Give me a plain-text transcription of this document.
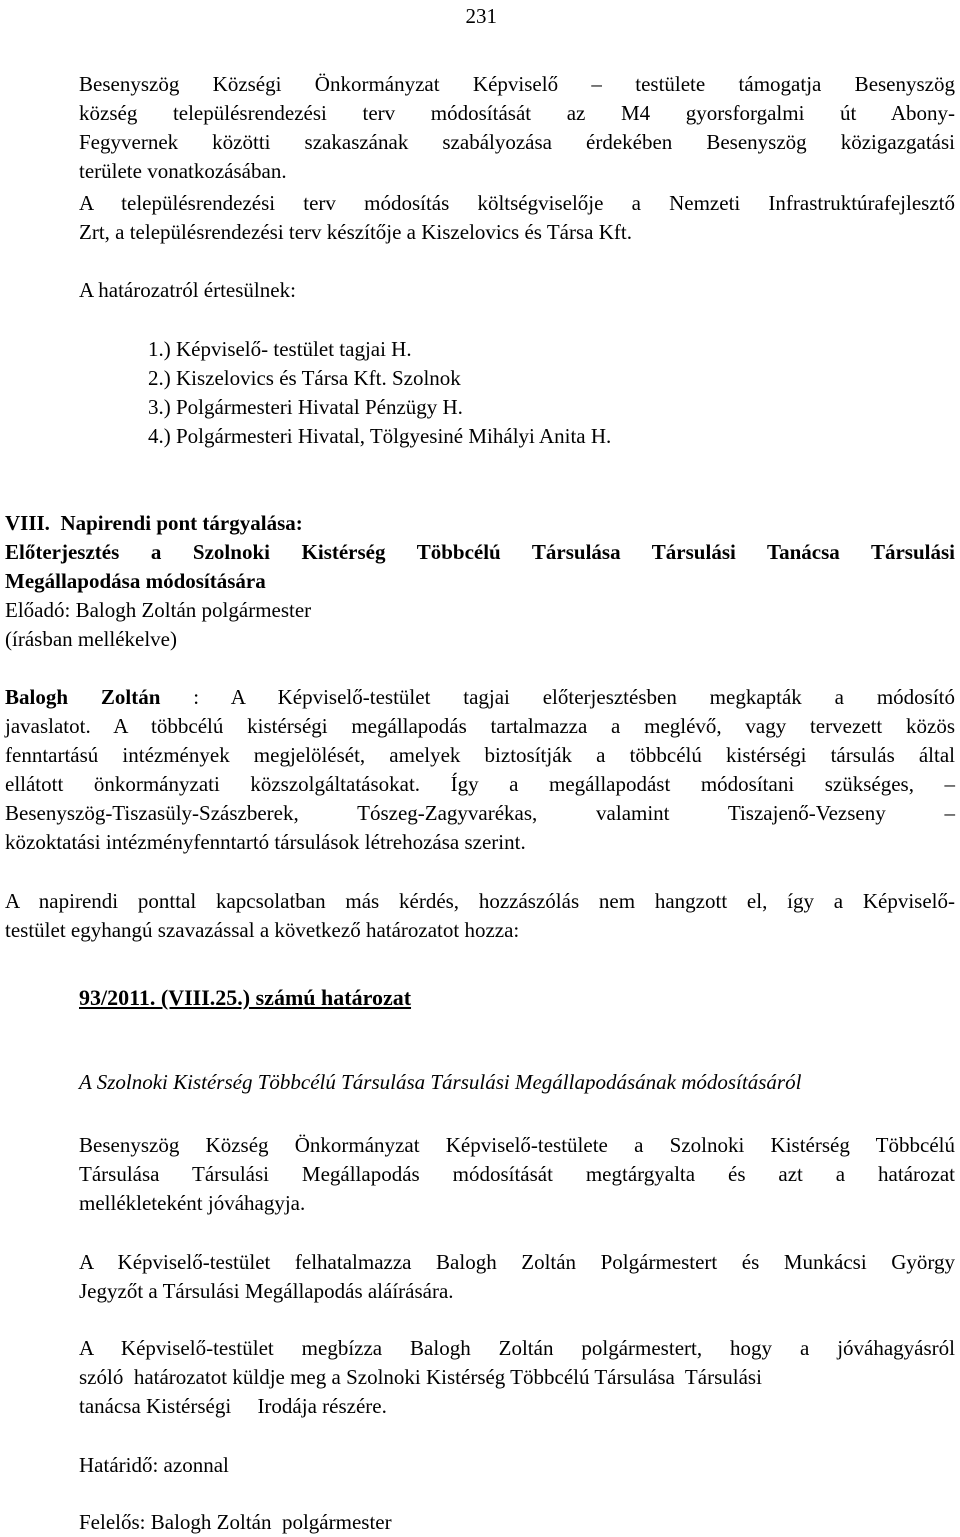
231
Besenyszög Községi Önkormányzat Képviselő – testülete támogatja Besenyszög
község településrendezési terv módosítását az M4 gyorsforgalmi út Abony-
Fegyvernek közötti szakaszának szabályozása érdekében Besenyszög közigazgatási
területe vonatkozásában.
A településrendezési terv módosítás költségviselője a Nemzeti Infrastruktúrafejlesztő
Zrt, a településrendezési terv készítője a Kiszelovics és Társa Kft.
A határozatról értesülnek:
1.) Képviselő- testület tagjai H.
2.) Kiszelovics és Társa Kft. Szolnok
3.) Polgármesteri Hivatal Pénzügy H.
4.) Polgármesteri Hivatal, Tölgyesiné Mihályi Anita H.
VIII. Napirendi pont tárgyalása:
Előterjesztés a Szolnoki Kistérség Többcélú Társulása Társulási Tanácsa Társulási
Megállapodása módosítására
Előadó: Balogh Zoltán polgármester
(írásban mellékelve)
Balogh Zoltán : A Képviselő-testület tagjai előterjesztésben megkapták a módosító
javaslatot. A többcélú kistérségi megállapodás tartalmazza a meglévő, vagy tervezett közös
fenntartású intézmények megjelölését, amelyek biztosítják a többcélú kistérségi társulás által
ellátott önkormányzati közszolgáltatásokat. Így a megállapodást módosítani szükséges, –
Besenyszög-Tiszasüly-Szászberek, Tószeg-Zagyvarékas, valamint Tiszajenő-Vezseny –
közoktatási intézményfenntartó társulások létrehozása szerint.
A napirendi ponttal kapcsolatban más kérdés, hozzászólás nem hangzott el, így a Képviselő-
testület egyhangú szavazással a következő határozatot hozza:
93/2011. (VIII.25.) számú határozat
A Szolnoki Kistérség Többcélú Társulása Társulási Megállapodásának módosításáról
Besenyszög Község Önkormányzat Képviselő-testülete a Szolnoki Kistérség Többcélú
Társulása Társulási Megállapodás módosítását megtárgyalta és azt a határozat
mellékleteként jóváhagyja.
A Képviselő-testület felhatalmazza Balogh Zoltán Polgármestert és Munkácsi György
Jegyzőt a Társulási Megállapodás aláírására.
A Képviselő-testület megbízza Balogh Zoltán polgármestert, hogy a jóváhagyásról
szóló  határozatot küldje meg a Szolnoki Kistérség Többcélú Társulása  Társulási
tanácsa Kistérségi     Irodája részére.
Határidő: azonnal
Felelős: Balogh Zoltán  polgármester
